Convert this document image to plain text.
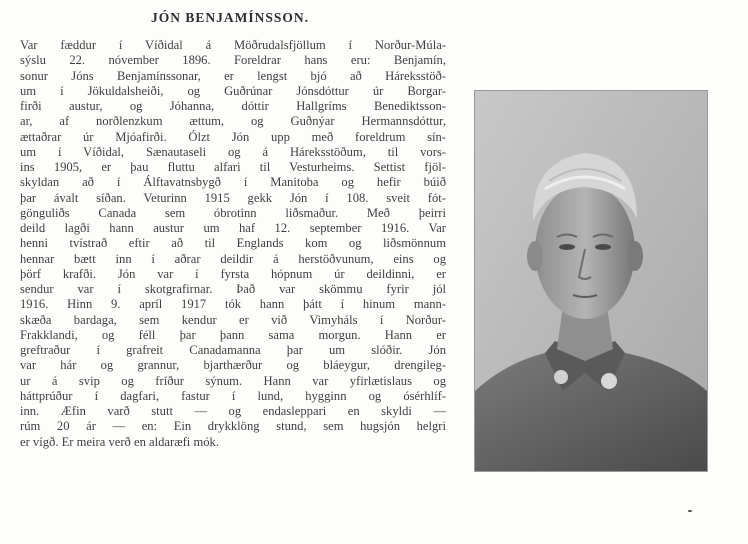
JÓN BENJAMÍNSSON.
Var fæddur í Víðidal á Möðrudalsfjöllum í Norður-Múla-
sýslu 22. nóvember 1896. Foreldrar hans eru: Benjamín,
sonur Jóns Benjamínssonar, er lengst bjó að Háreksstöð-
um í Jökuldalsheiði, og Guðrúnar Jónsdóttur úr Borgar-
firði austur, og Jóhanna, dóttir Hallgríms Benediktsson-
ar, af norðlenzkum ættum, og Guðnýar Hermannsdóttur,
ættaðrar úr Mjóafirði. Ólzt Jón upp með foreldrum sín-
um í Víðidal, Sænautaseli og á Háreksstöðum, til vors-
ins 1905, er þau fluttu alfari til Vesturheims. Settist fjöl-
skyldan að í Álftavatnsbygð í Manitoba og hefir búið
þar ávalt síðan. Veturinn 1915 gekk Jón í 108. sveit fót-
gönguliðs Canada sem óbrotinn liðsmaður. Með þeirri
deild lagði hann austur um haf 12. september 1916. Var
henni tvístrað eftir að til Englands kom og liðsmönnum
hennar bætt inn í aðrar deildir á herstöðvunum, eins og
þörf krafði. Jón var í fyrsta hópnum úr deildinni, er
sendur var í skotgrafirnar. Það var skömmu fyrir jól
1916. Hinn 9. apríl 1917 tók hann þátt í hinum mann-
skæða bardaga, sem kendur er við Vimyháls í Norður-
Frakklandi, og féll þar þann sama morgun. Hann er
greftraður í grafreit Canadamanna þar um slóðir. Jón
var hár og grannur, bjarthærður og bláeygur, drengileg-
ur á svip og fríður sýnum. Hann var yfirlætislaus og
háttprúður í dagfari, fastur í lund, hygginn og ósérhlíf-
inn. Æfin varð stutt — og endasleppari en skyldi —
rúm 20 ár — en: Ein drykklöng stund, sem hugsjón helgri
er vígð. Er meira verð en aldaræfi mók.
